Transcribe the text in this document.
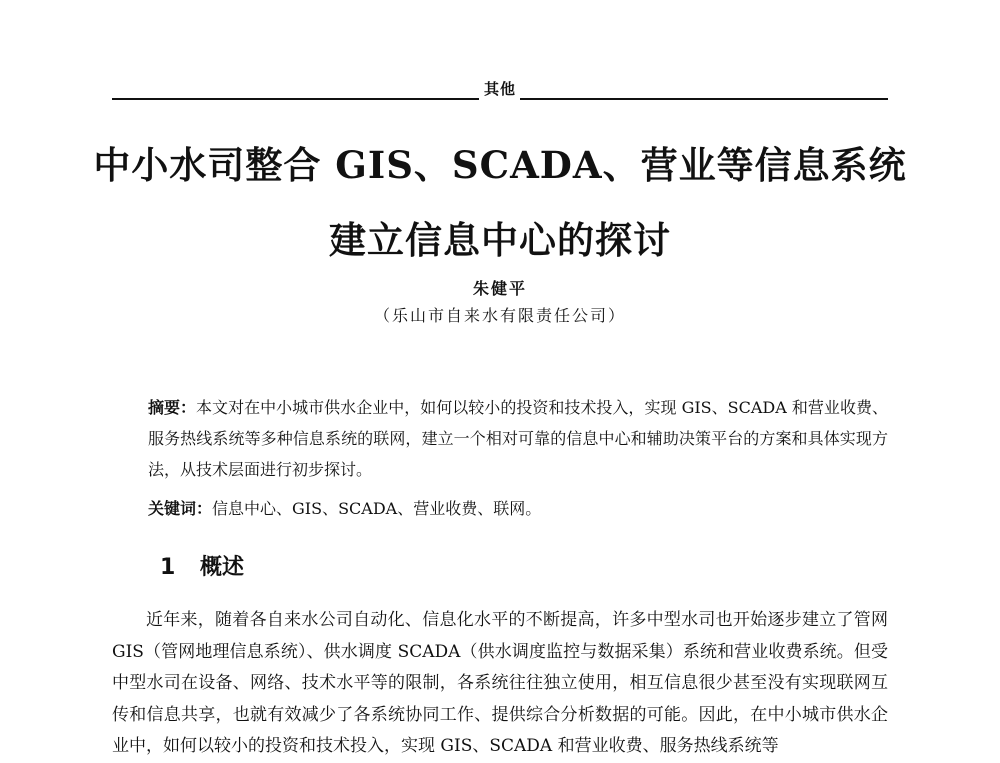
其他
中小水司整合 GIS、SCADA、营业等信息系统
建立信息中心的探讨
朱健平
（乐山市自来水有限责任公司）
摘要：本文对在中小城市供水企业中，如何以较小的投资和技术投入，实现 GIS、SCADA 和营业收费、服务热线系统等多种信息系统的联网，建立一个相对可靠的信息中心和辅助决策平台的方案和具体实现方法，从技术层面进行初步探讨。
关键词：信息中心、GIS、SCADA、营业收费、联网。
1 概述
近年来，随着各自来水公司自动化、信息化水平的不断提高，许多中型水司也开始逐步建立了管网 GIS（管网地理信息系统）、供水调度 SCADA（供水调度监控与数据采集）系统和营业收费系统。但受中型水司在设备、网络、技术水平等的限制，各系统往往独立使用，相互信息很少甚至没有实现联网互传和信息共享，也就有效减少了各系统协同工作、提供综合分析数据的可能。因此，在中小城市供水企业中，如何以较小的投资和技术投入，实现 GIS、SCADA 和营业收费、服务热线系统等
